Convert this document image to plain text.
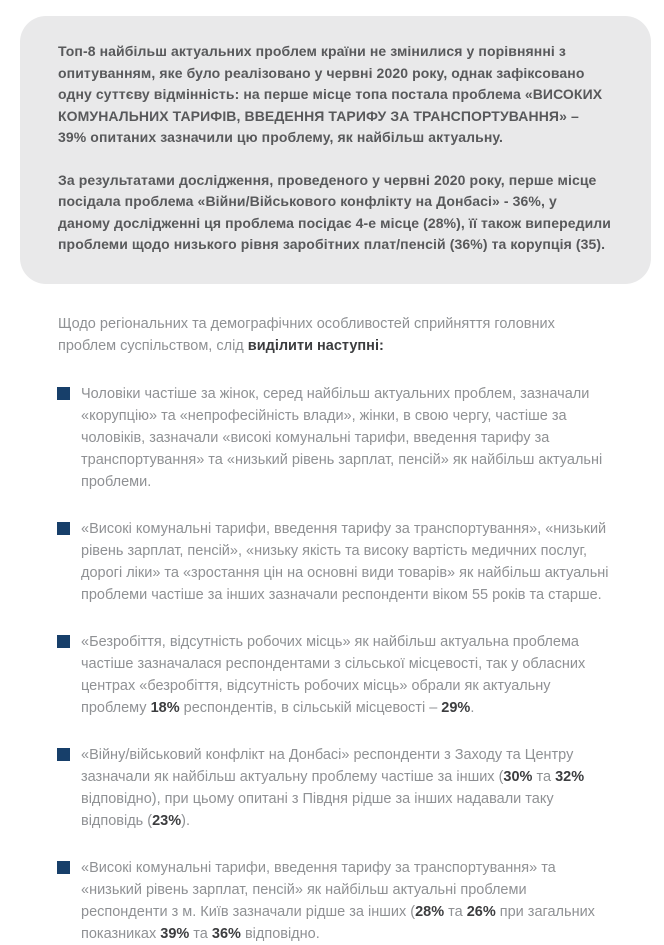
Топ-8 найбільш актуальних проблем країни не змінилися у порівнянні з опитуванням, яке було реалізовано у червні 2020 року, однак зафіксовано одну суттєву відмінність: на перше місце топа постала проблема «ВИСОКИХ КОМУНАЛЬНИХ ТАРИФІВ, ВВЕДЕННЯ ТАРИФУ ЗА ТРАНСПОРТУВАННЯ» – 39% опитаних зазначили цю проблему, як найбільш актуальну.

За результатами дослідження, проведеного у червні 2020 року, перше місце посідала проблема «Війни/Військового конфлікту на Донбасі» - 36%, у даному дослідженні ця проблема посідає 4-е місце (28%), її також випередили проблеми щодо низького рівня заробітних плат/пенсій (36%) та корупція (35).

Щодо регіональних та демографічних особливостей сприйняття головних проблем суспільством, слід виділити наступні:

Чоловіки частіше за жінок, серед найбільш актуальних проблем, зазначали «корупцію» та «непрофесійність влади», жінки, в свою чергу, частіше за чоловіків, зазначали «високі комунальні тарифи, введення тарифу за транспортування» та «низький рівень зарплат, пенсій» як найбільш актуальні проблеми.
«Високі комунальні тарифи, введення тарифу за транспортування», «низький рівень зарплат, пенсій», «низьку якість та високу вартість медичних послуг, дорогі ліки» та «зростання цін на основні види товарів» як найбільш актуальні проблеми частіше за інших зазначали респонденти віком 55 років та старше.
«Безробіття, відсутність робочих місць» як найбільш актуальна проблема частіше зазначалася респондентами з сільської місцевості, так у обласних центрах «безробіття, відсутність робочих місць» обрали як актуальну проблему 18% респондентів, в сільській місцевості – 29%.
«Війну/військовий конфлікт на Донбасі» респонденти з Заходу та Центру зазначали як найбільш актуальну проблему частіше за інших (30% та 32% відповідно), при цьому опитані з Півдня рідше за інших надавали таку відповідь (23%).
«Високі комунальні тарифи, введення тарифу за транспортування» та «низький рівень зарплат, пенсій» як найбільш актуальні проблеми респонденти з м. Київ зазначали рідше за інших (28% та 26% при загальних показниках 39% та 36% відповідно.
